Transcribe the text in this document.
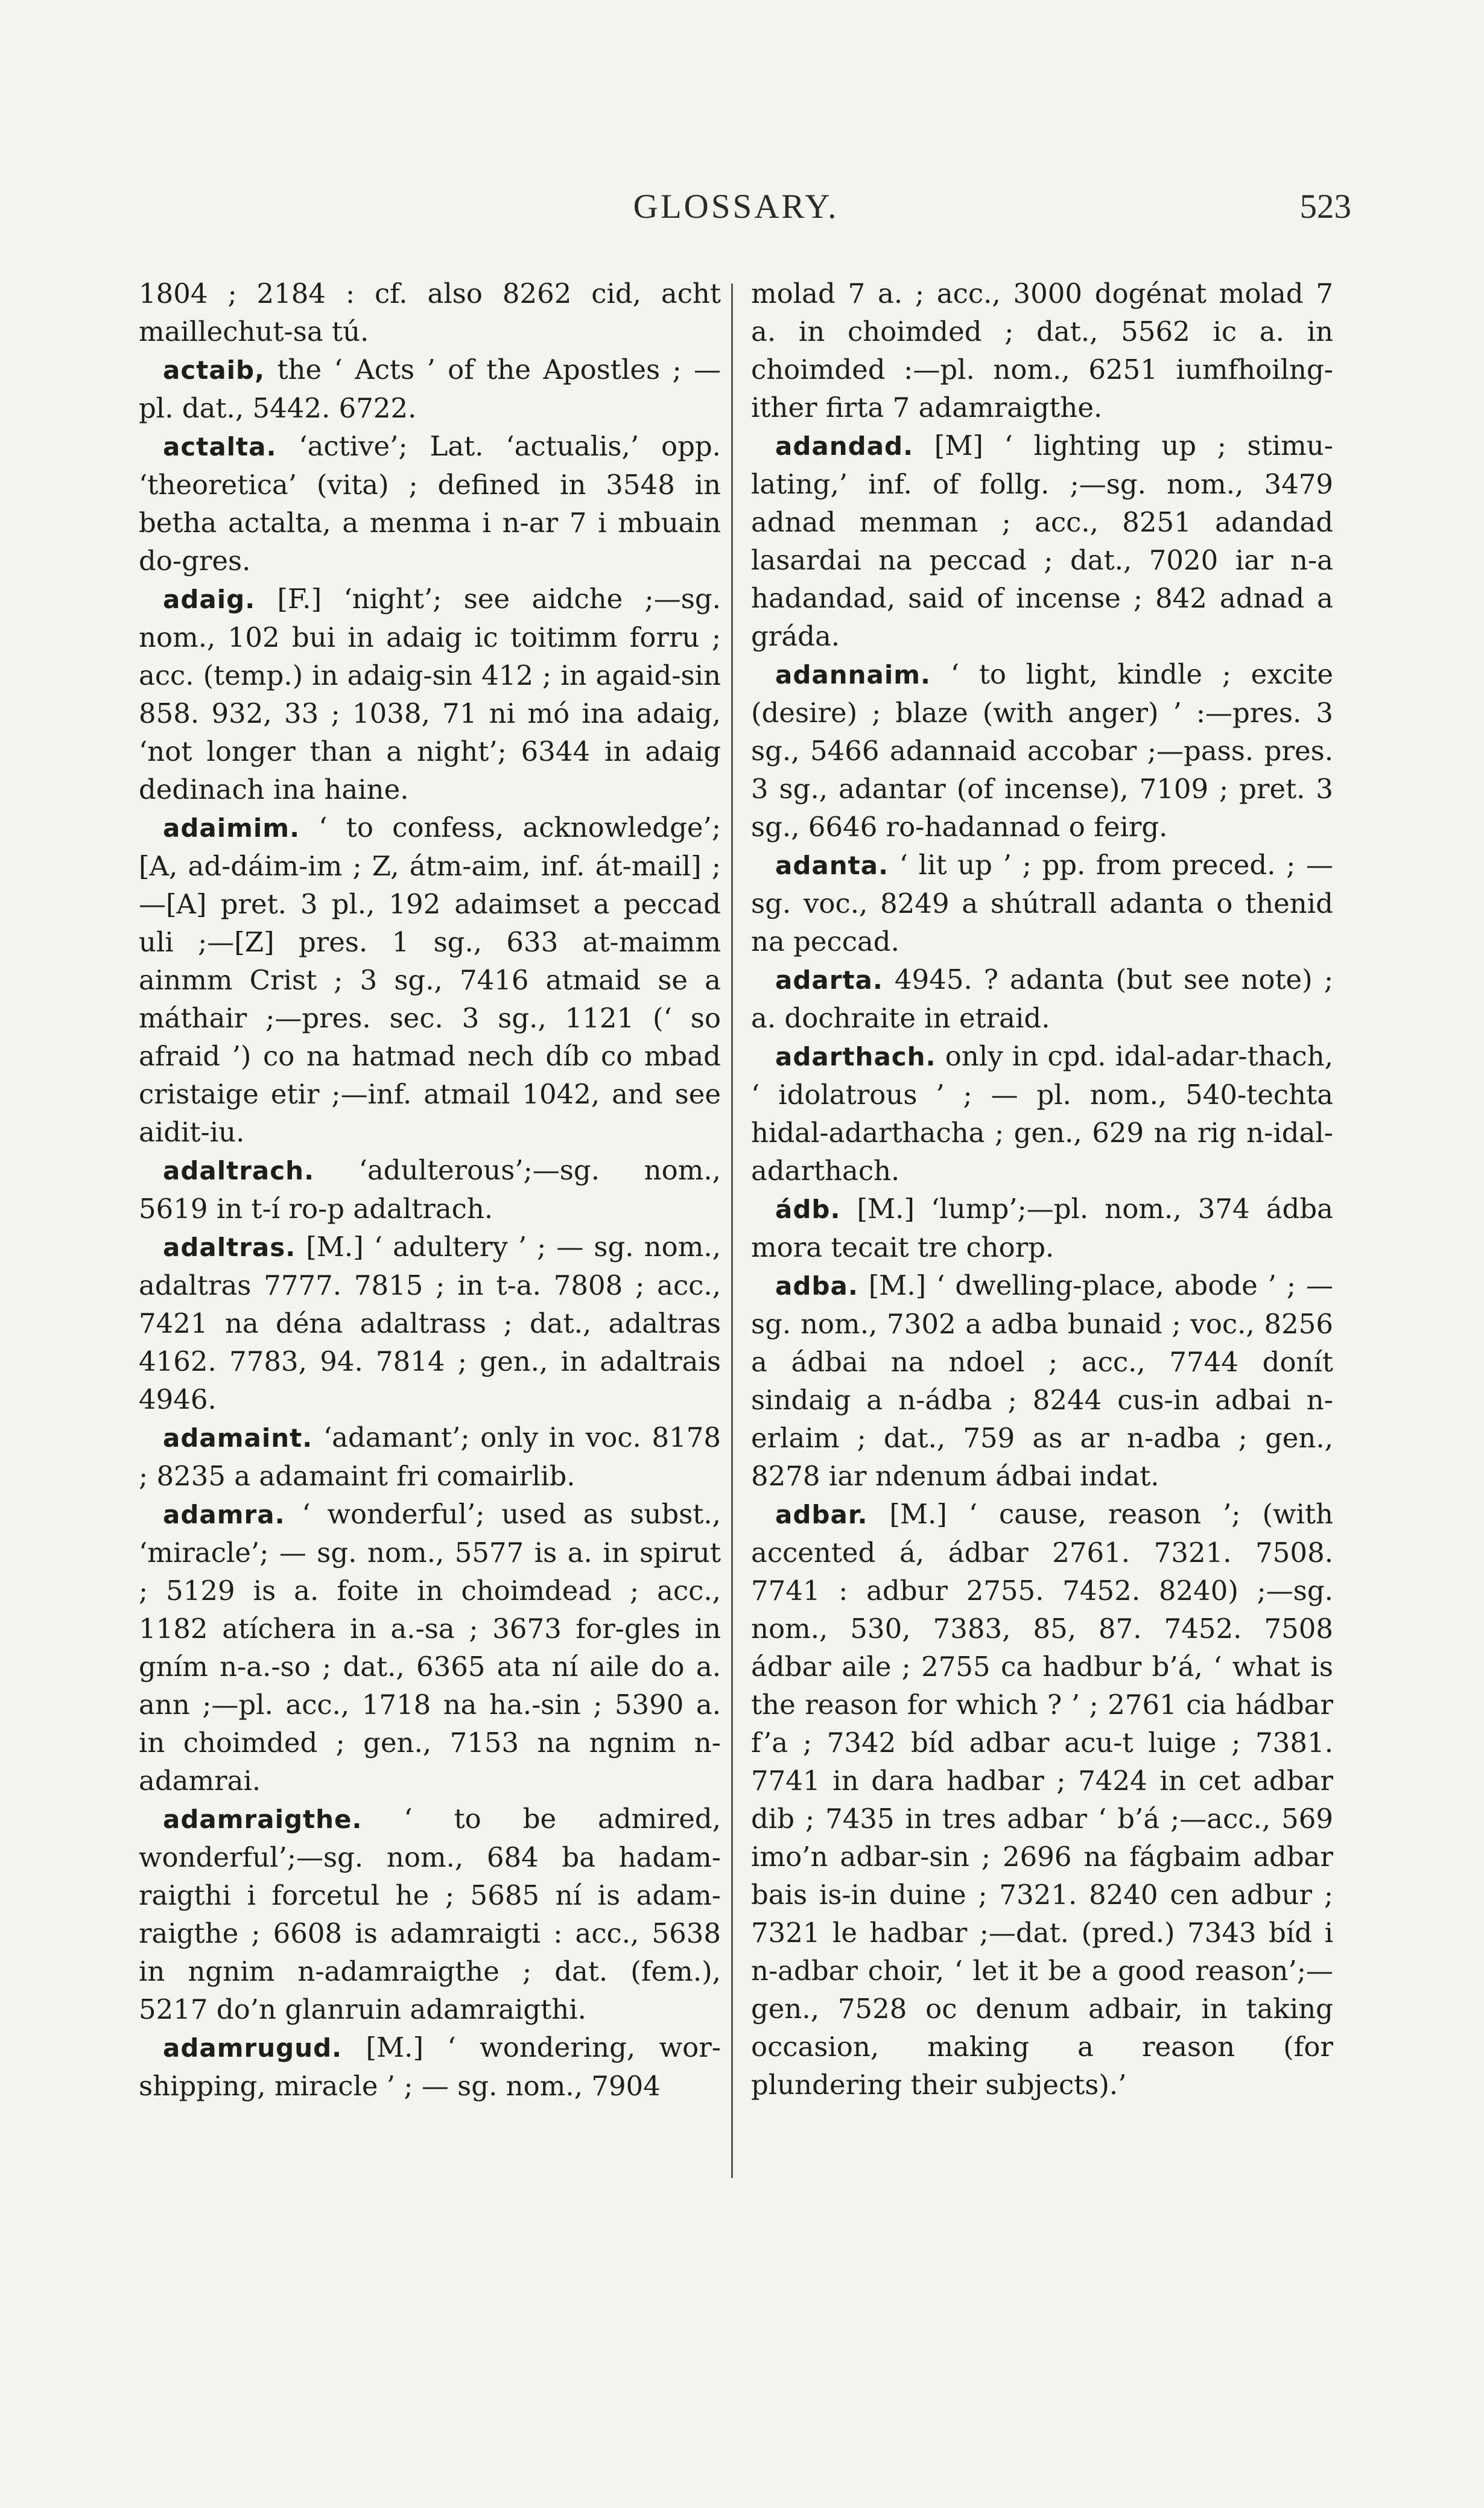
GLOSSARY.	523

1804 ; 2184 : cf. also 8262 cid, acht maillechut-sa tú.

actaib, the ‘ Acts ’ of the Apostles ; —pl. dat., 5442. 6722.

actalta. ‘active’; Lat. ‘actualis,’ opp. ‘theoretica’ (vita) ; defined in 3548 in betha actalta, a menma i n-ar 7 i mbuain do-gres.

adaig. [F.] ‘night’; see aidche ;—sg. nom., 102 bui in adaig ic toitimm forru ; acc. (temp.) in adaig-sin 412 ; in agaid-sin 858. 932, 33 ; 1038, 71 ni mó ina adaig, ‘not longer than a night’; 6344 in adaig dedinach ina haine.

adaimim. ‘ to confess, acknowledge’; [A, ad-dáim-im ; Z, átm-aim, inf. át-mail] ;—[A] pret. 3 pl., 192 adaimset a peccad uli ;—[Z] pres. 1 sg., 633 at-maimm ainmm Crist ; 3 sg., 7416 atmaid se a máthair ;—pres. sec. 3 sg., 1121 (‘ so afraid ’) co na hatmad nech díb co mbad cristaige etir ;—inf. atmail 1042, and see aidit-iu.

adaltrach. ‘adulterous’;—sg. nom., 5619 in t-í ro-p adaltrach.

adaltras. [M.] ‘ adultery ’ ; — sg. nom., adaltras 7777. 7815 ; in t-a. 7808 ; acc., 7421 na déna adaltrass ; dat., adaltras 4162. 7783, 94. 7814 ; gen., in adaltrais 4946.

adamaint. ‘adamant’; only in voc. 8178 ; 8235 a adamaint fri comairlib.

adamra. ‘ wonderful’; used as subst., ‘miracle’; — sg. nom., 5577 is a. in spirut ; 5129 is a. foite in choimdead ; acc., 1182 atíchera in a.-sa ; 3673 for-gles in gním n-a.-so ; dat., 6365 ata ní aile do a. ann ;—pl. acc., 1718 na ha.-sin ; 5390 a. in choimded ; gen., 7153 na ngnim n-adamrai.

adamraigthe. ‘ to be admired, wonderful’;—sg. nom., 684 ba hadam-raigthi i forcetul he ; 5685 ní is adam-raigthe ; 6608 is adamraigti : acc., 5638 in ngnim n-adamraigthe ; dat. (fem.), 5217 do’n glanruin adamraigthi.

adamrugud. [M.] ‘ wondering, wor-shipping, miracle ’ ; — sg. nom., 7904

molad 7 a. ; acc., 3000 dogénat molad 7 a. in choimded ; dat., 5562 ic a. in choimded :—pl. nom., 6251 iumfhoilng-ither firta 7 adamraigthe.

adandad. [M] ‘ lighting up ; stimu-lating,’ inf. of follg. ;—sg. nom., 3479 adnad menman ; acc., 8251 adandad lasardai na peccad ; dat., 7020 iar n-a hadandad, said of incense ; 842 adnad a gráda.

adannaim. ‘ to light, kindle ; excite (desire) ; blaze (with anger) ’ :—pres. 3 sg., 5466 adannaid accobar ;—pass. pres. 3 sg., adantar (of incense), 7109 ; pret. 3 sg., 6646 ro-hadannad o feirg.

adanta. ‘ lit up ’ ; pp. from preced. ; —sg. voc., 8249 a shútrall adanta o thenid na peccad.

adarta. 4945. ? adanta (but see note) ; a. dochraite in etraid.

adarthach. only in cpd. idal-adar-thach, ‘ idolatrous ’ ; — pl. nom., 540-techta hidal-adarthacha ; gen., 629 na rig n-idal-adarthach.

ádb. [M.] ‘lump’;—pl. nom., 374 ádba mora tecait tre chorp.

adba. [M.] ‘ dwelling-place, abode ’ ; —sg. nom., 7302 a adba bunaid ; voc., 8256 a ádbai na ndoel ; acc., 7744 donít sindaig a n-ádba ; 8244 cus-in adbai n-erlaim ; dat., 759 as ar n-adba ; gen., 8278 iar ndenum ádbai indat.

adbar. [M.] ‘ cause, reason ’; (with accented á, ádbar 2761. 7321. 7508. 7741 : adbur 2755. 7452. 8240) ;—sg. nom., 530, 7383, 85, 87. 7452. 7508 ádbar aile ; 2755 ca hadbur b’á, ‘ what is the reason for which ? ’ ; 2761 cia hádbar f’a ; 7342 bíd adbar acu-t luige ; 7381. 7741 in dara hadbar ; 7424 in cet adbar dib ; 7435 in tres adbar ‘ b’á ;—acc., 569 imo’n adbar-sin ; 2696 na fágbaim adbar bais is-in duine ; 7321. 8240 cen adbur ; 7321 le hadbar ;—dat. (pred.) 7343 bíd i n-adbar choir, ‘ let it be a good reason’;—gen., 7528 oc denum adbair, in taking occasion, making a reason (for plundering their subjects).’
